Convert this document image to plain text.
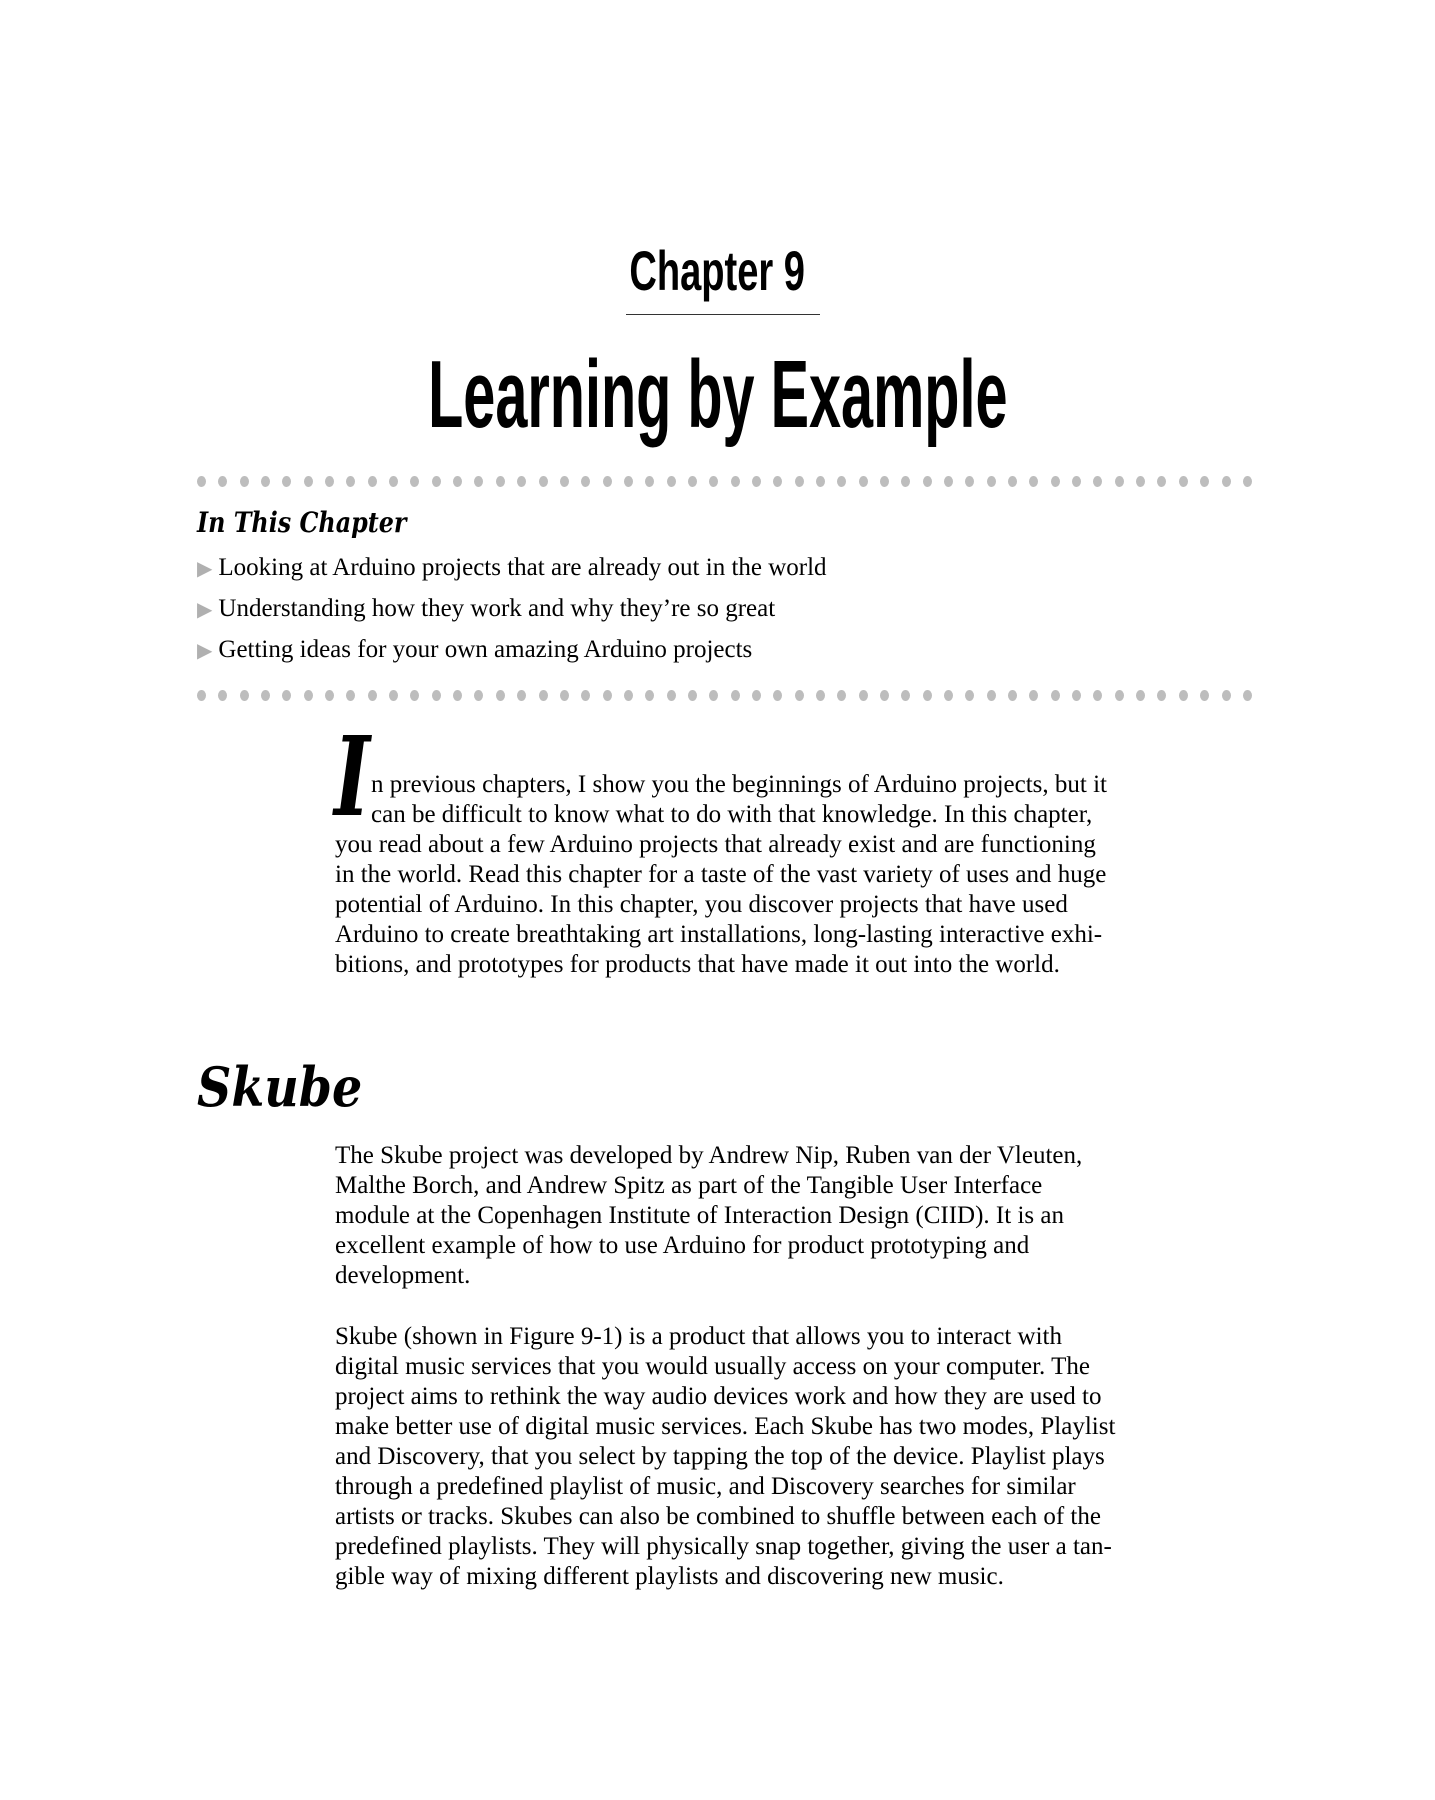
Chapter 9
Learning by Example
In This Chapter
▶ Looking at Arduino projects that are already out in the world
▶ Understanding how they work and why they’re so great
▶ Getting ideas for your own amazing Arduino projects
I n previous chapters, I show you the beginnings of Arduino projects, but it
can be difficult to know what to do with that knowledge. In this chapter,
you read about a few Arduino projects that already exist and are functioning
in the world. Read this chapter for a taste of the vast variety of uses and huge
potential of Arduino. In this chapter, you discover projects that have used
Arduino to create breathtaking art installations, long-lasting interactive exhi-
bitions, and prototypes for products that have made it out into the world.
Skube
The Skube project was developed by Andrew Nip, Ruben van der Vleuten,
Malthe Borch, and Andrew Spitz as part of the Tangible User Interface
module at the Copenhagen Institute of Interaction Design (CIID). It is an
excellent example of how to use Arduino for product prototyping and
development.
Skube (shown in Figure 9-1) is a product that allows you to interact with
digital music services that you would usually access on your computer. The
project aims to rethink the way audio devices work and how they are used to
make better use of digital music services. Each Skube has two modes, Playlist
and Discovery, that you select by tapping the top of the device. Playlist plays
through a predefined playlist of music, and Discovery searches for similar
artists or tracks. Skubes can also be combined to shuffle between each of the
predefined playlists. They will physically snap together, giving the user a tan-
gible way of mixing different playlists and discovering new music.
